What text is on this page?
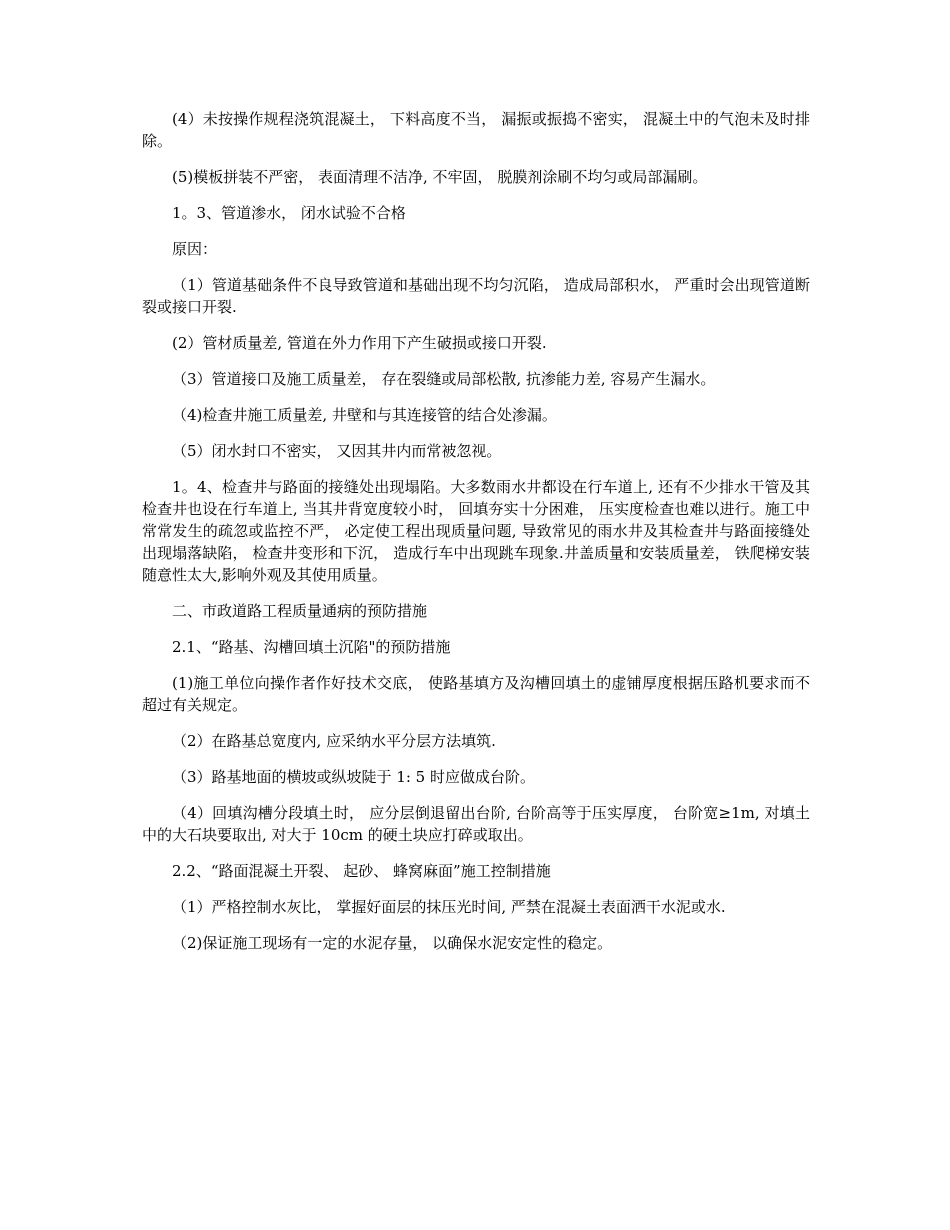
(4）未按操作规程浇筑混凝土， 下料高度不当， 漏振或振捣不密实， 混凝土中的气泡未及时排除。

(5)模板拼装不严密， 表面清理不洁净, 不牢固， 脱膜剂涂刷不均匀或局部漏刷。

1。3、管道渗水， 闭水试验不合格

原因：

（1）管道基础条件不良导致管道和基础出现不均匀沉陷， 造成局部积水， 严重时会出现管道断裂或接口开裂.

(2）管材质量差, 管道在外力作用下产生破损或接口开裂.

（3）管道接口及施工质量差， 存在裂缝或局部松散, 抗渗能力差, 容易产生漏水。

（4)检查井施工质量差, 井壁和与其连接管的结合处渗漏。

（5）闭水封口不密实， 又因其井内而常被忽视。

1。4、检查井与路面的接缝处出现塌陷。大多数雨水井都设在行车道上, 还有不少排水干管及其检查井也设在行车道上, 当其井背宽度较小时， 回填夯实十分困难， 压实度检查也难以进行。施工中常常发生的疏忽或监控不严， 必定使工程出现质量问题, 导致常见的雨水井及其检查井与路面接缝处出现塌落缺陷， 检查井变形和下沉， 造成行车中出现跳车现象.井盖质量和安装质量差， 铁爬梯安装随意性太大,影响外观及其使用质量。

二、市政道路工程质量通病的预防措施

2.1、“路基、沟槽回填土沉陷"的预防措施

(1)施工单位向操作者作好技术交底， 使路基填方及沟槽回填土的虚铺厚度根据压路机要求而不超过有关规定。

（2）在路基总宽度内, 应采纳水平分层方法填筑.

（3）路基地面的横坡或纵坡陡于 1: 5 时应做成台阶。

（4）回填沟槽分段填土时， 应分层倒退留出台阶, 台阶高等于压实厚度， 台阶宽≥1m, 对填土中的大石块要取出, 对大于 10cm 的硬土块应打碎或取出。

2.2、“路面混凝土开裂、 起砂、 蜂窝麻面”施工控制措施

（1）严格控制水灰比， 掌握好面层的抹压光时间, 严禁在混凝土表面洒干水泥或水.

（2)保证施工现场有一定的水泥存量， 以确保水泥安定性的稳定。
